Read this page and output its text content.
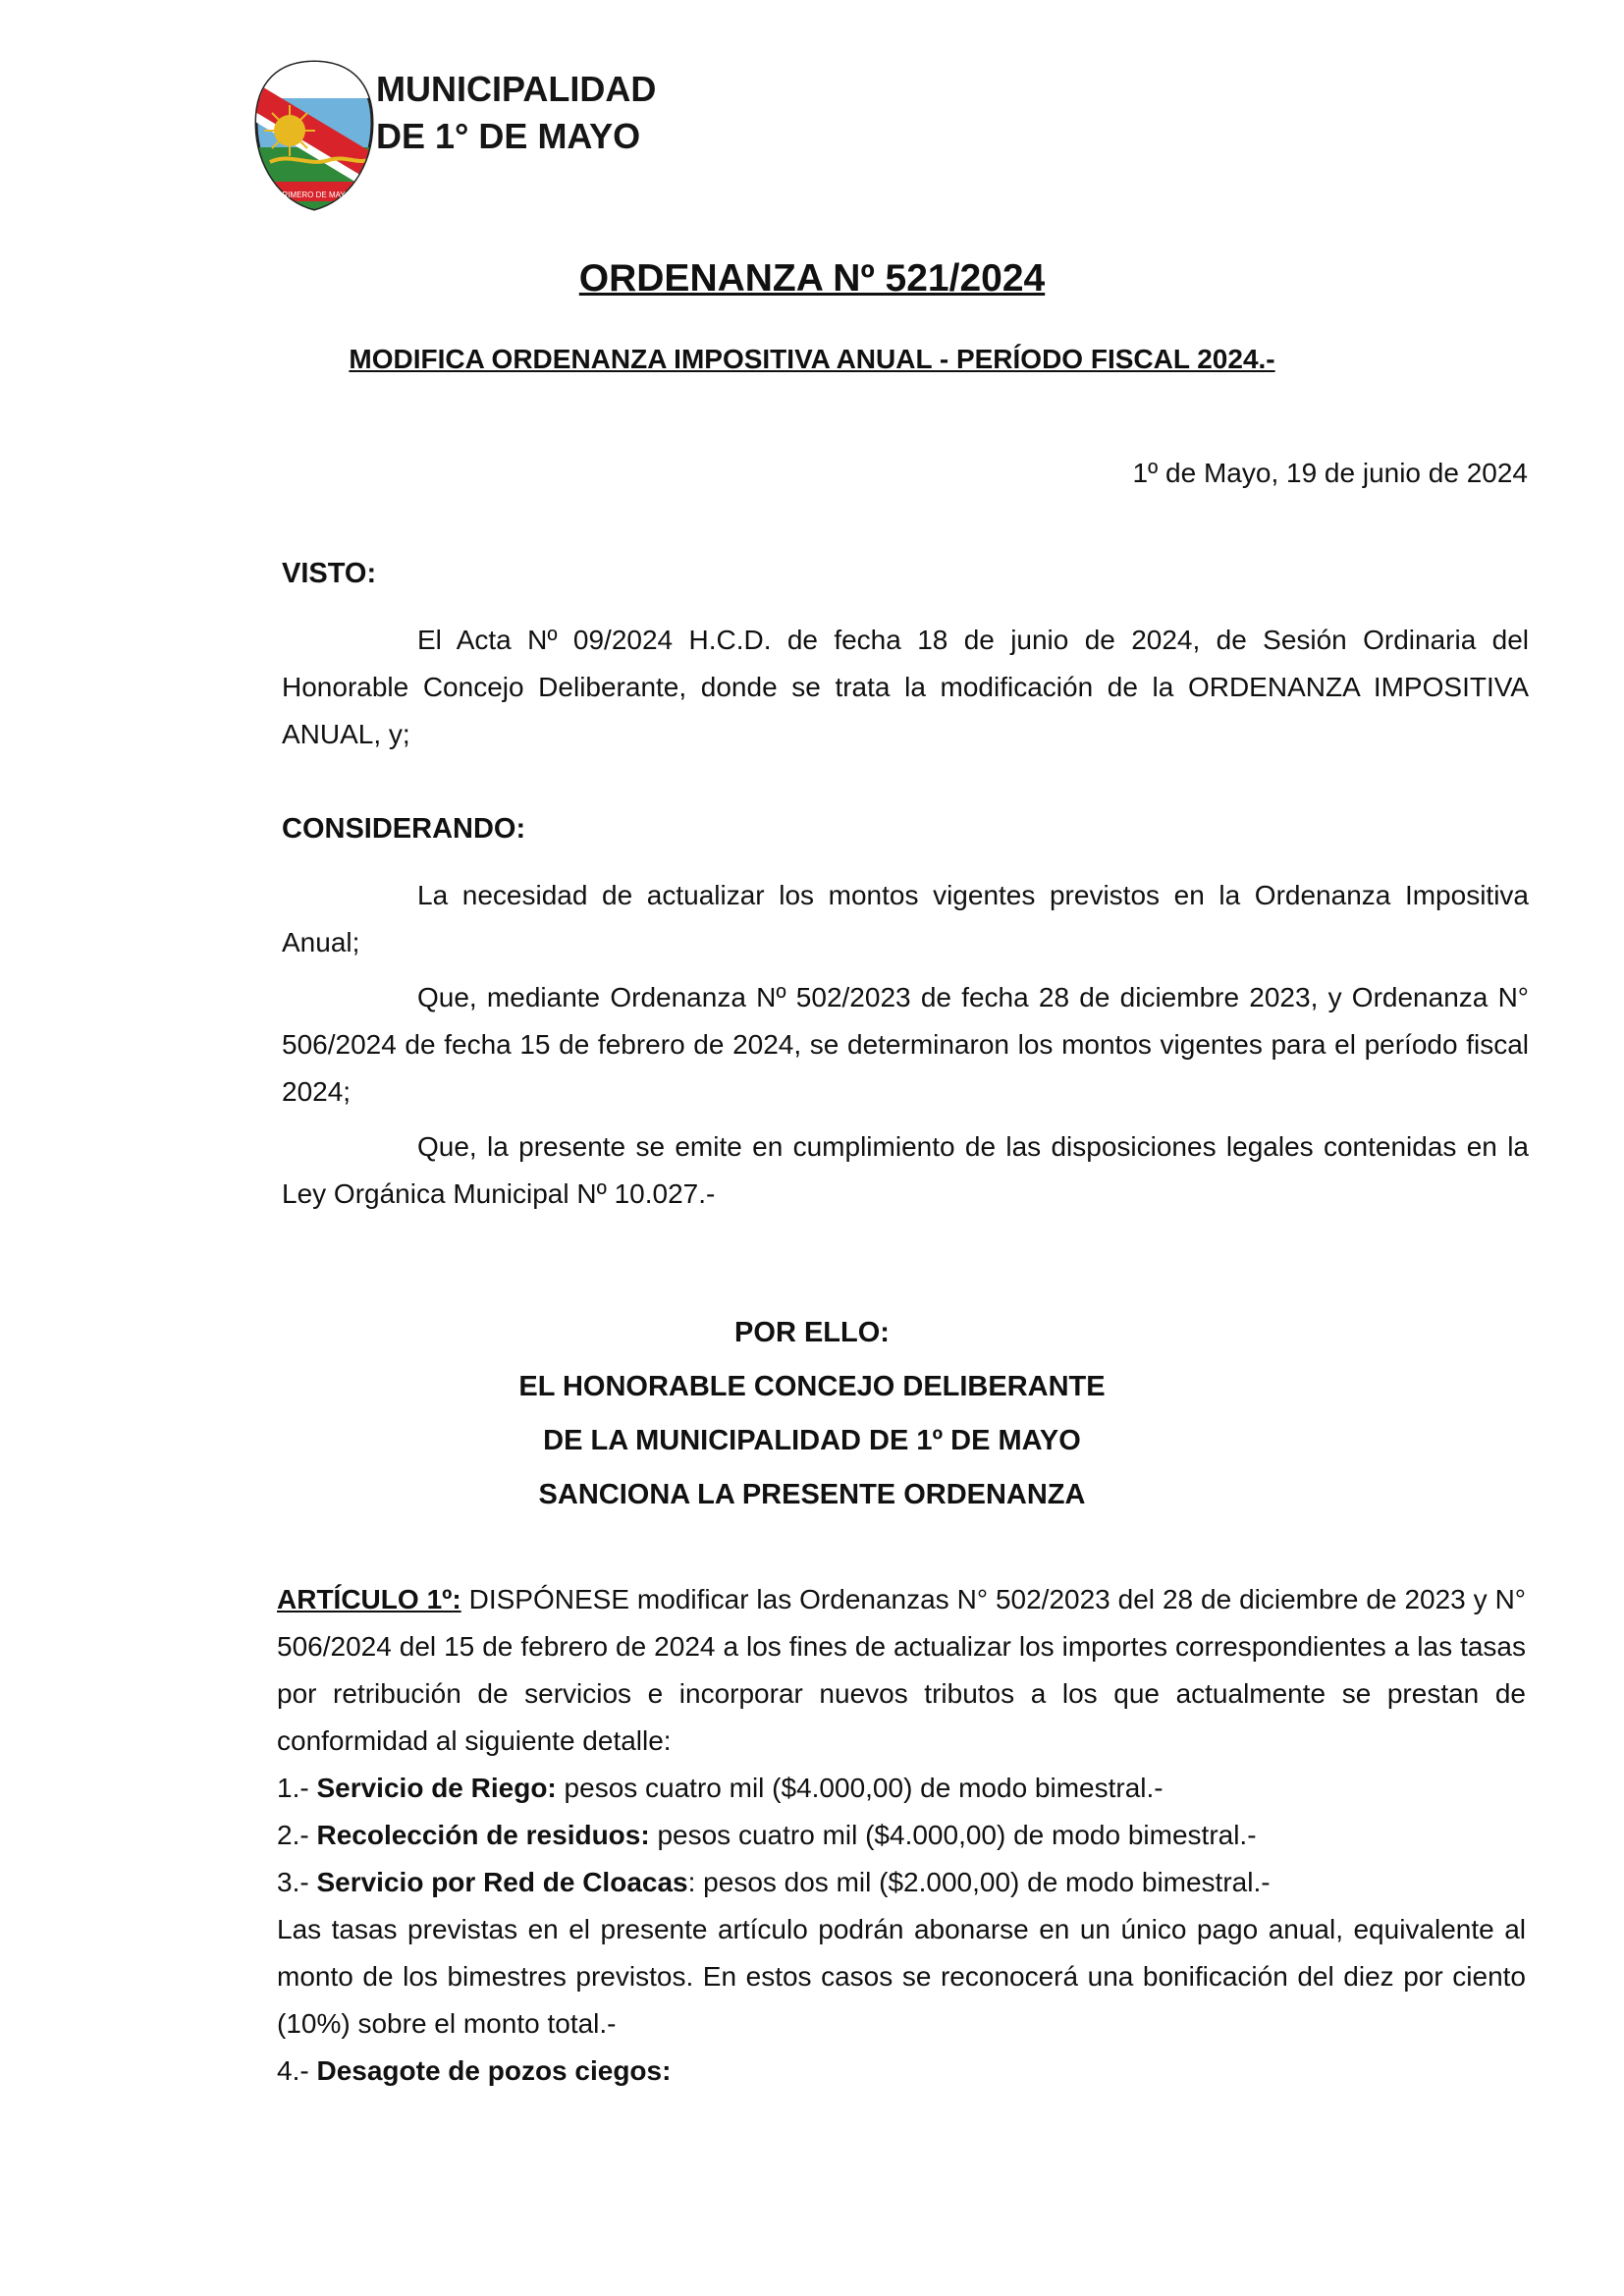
PRIMERO DE MAYO
MUNICIPALIDAD
DE 1° DE MAYO
ORDENANZA Nº 521/2024
MODIFICA ORDENANZA IMPOSITIVA ANUAL - PERÍODO FISCAL 2024.-
1º de Mayo, 19 de junio de 2024
VISTO:

El Acta Nº 09/2024 H.C.D. de fecha 18 de junio de 2024, de Sesión Ordinaria del Honorable Concejo Deliberante, donde se trata la modificación de la ORDENANZA IMPOSITIVA ANUAL, y;

CONSIDERANDO:

La necesidad de actualizar los montos vigentes previstos en la Ordenanza Impositiva Anual;

Que, mediante Ordenanza Nº 502/2023 de fecha 28 de diciembre 2023, y Ordenanza N° 506/2024 de fecha 15 de febrero de 2024, se determinaron los montos vigentes para el período fiscal 2024;

Que, la presente se emite en cumplimiento de las disposiciones legales contenidas en la Ley Orgánica Municipal Nº 10.027.-

POR ELLO:
EL HONORABLE CONCEJO DELIBERANTE
DE LA MUNICIPALIDAD DE 1º DE MAYO
SANCIONA LA PRESENTE ORDENANZA

ARTÍCULO 1º: DISPÓNESE modificar las Ordenanzas N° 502/2023 del 28 de diciembre de 2023 y N° 506/2024 del 15 de febrero de 2024 a los fines de actualizar los importes correspondientes a las tasas por retribución de servicios e incorporar nuevos tributos a los que actualmente se prestan de conformidad al siguiente detalle:

1.- Servicio de Riego: pesos cuatro mil ($4.000,00) de modo bimestral.-

2.- Recolección de residuos: pesos cuatro mil ($4.000,00) de modo bimestral.-

3.- Servicio por Red de Cloacas: pesos dos mil ($2.000,00) de modo bimestral.-

Las tasas previstas en el presente artículo podrán abonarse en un único pago anual, equivalente al monto de los bimestres previstos. En estos casos se reconocerá una bonificación del diez por ciento (10%) sobre el monto total.-

4.- Desagote de pozos ciegos:
